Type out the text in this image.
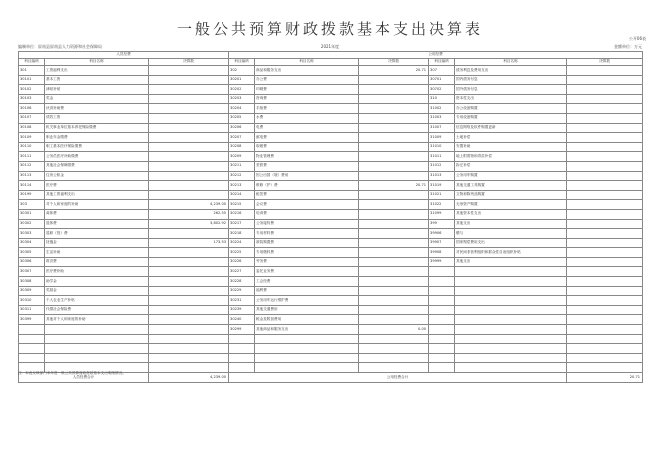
一般公共预算财政拨款基本支出决算表
公开06表
编制单位：屏南县屏南县人力资源和社会保障局	2021年度	金额单位：万元
人员经费			公用经费					
科目编码	科目名称	决算数	科目编码	科目名称	决算数	科目编码	科目名称	决算数
301	工资福利支出		302	商品和服务支出	20.71	307	债务利息及费用支出	
30101	基本工资		30201	办公费		30701	国内债务付息	
30102	津贴补贴		30202	印刷费		30702	国外债务付息	
30103	奖金		30203	咨询费		310	资本性支出	
30106	伙食补助费		30204	手续费		31002	办公设备购置	
30107	绩效工资		30205	水费		31003	专用设备购置	
30108	机关事业单位基本养老保险缴费		30206	电费		31007	信息网络及软件购置更新	
30109	职业年金缴费		30207	邮电费		31009	土地补偿	
30110	职工基本医疗保险缴费		30208	取暖费		31010	安置补助	
30111	公务员医疗补助缴费		30209	物业管理费		31011	地上附着物和青苗补偿	
30112	其他社会保障缴费		30211	差旅费		31012	拆迁补偿	
30113	住房公积金		30212	因公出国（境）费用		31013	公务用车购置	
30114	医疗费		30213	维修（护）费	20.71	31019	其他交通工具购置	
30199	其他工资福利支出		30214	租赁费		31021	文物和陈列品购置	
303	对个人和家庭的补助	4,239.00	30215	会议费		31022	无形资产购置	
30301	离休费	262.55	30216	培训费		31099	其他资本性支出	
30302	退休费	3,802.92	30217	公务接待费		399	其他支出	
30303	退职（役）费		30218	专用材料费		39906	赠与	
30304	抚恤金	173.53	30224	被装购置费		39907	国家赔偿费用支出	
30305	生活补助		30225	专用燃料费		39908	对民间非营利组织和群众性自治组织补贴	
30306	救济费		30226	劳务费		39999	其他支出	
30307	医疗费补助		30227	委托业务费				
30308	助学金		30228	工会经费				
30309	奖励金		30229	福利费				
30310	个人农业生产补贴		30231	公务用车运行维护费				
30311	代缴社会保险费		30239	其他交通费用				
30399	其他对个人和家庭的补助		30240	税金及附加费用				
			30299	其他商品和服务支出	0.00			

人员经费合计		4,239.00	公用经费合计					20.71
注：本表反映部门本年度一般公共预算财政拨款基本支出明细情况。
